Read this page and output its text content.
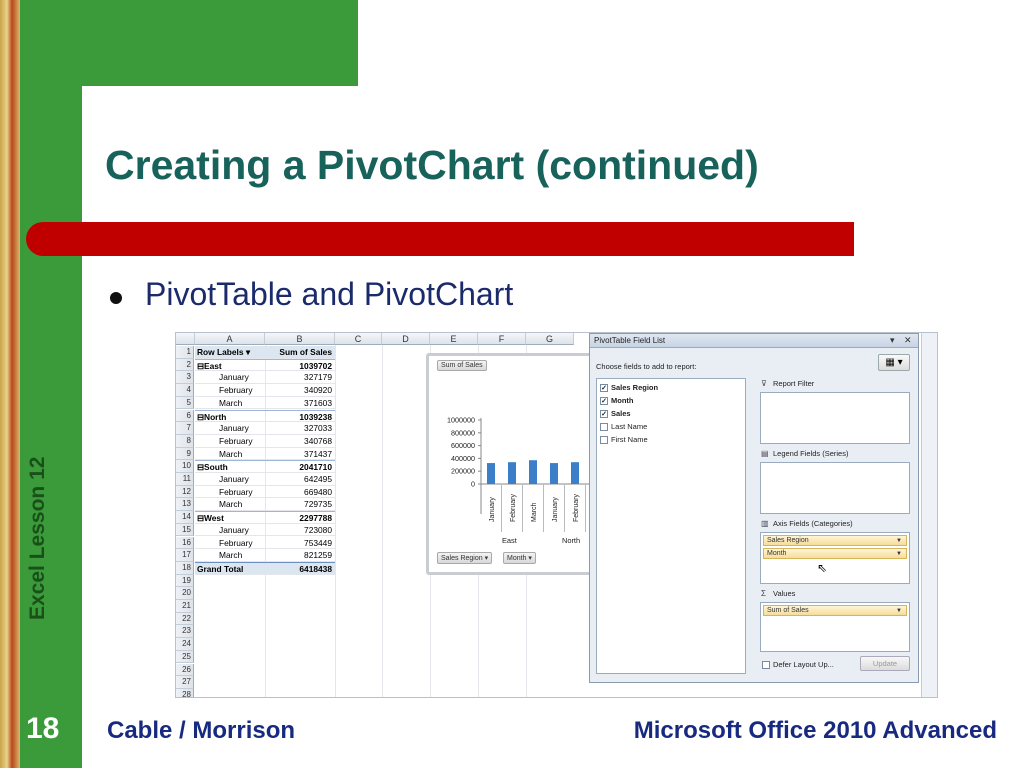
Creating a PivotChart (continued)
PivotTable and PivotChart
A	B	C	D	E	F	G
1
2
3
4
5
6
7
8
9
10
11
12
13
14
15
16
17
18
19
20
21
22
23
24
25
26
27
28
Row Labels ▾	Sum of Sales
⊟East	1039702
January	327179
February	340920
March	371603
⊟North	1039238
January	327033
February	340768
March	371437
⊟South	2041710
January	642495
February	669480
March	729735
⊟West	2297788
January	723080
February	753449
March	821259
Grand Total	6418438
Sum of Sales
1000000
800000
600000
400000
200000
0
January February March January February
East	North
Sales Region ▾	Month ▾
PivotTable Field List	▾ ✕
Choose fields to add to report:	▦ ▾
✓ Sales Region
✓ Month
✓ Sales
Last Name
First Name
⊽ Report Filter
▤ Legend Fields (Series)
▥ Axis Fields (Categories)
Sales Region	▼
Month	▼
⇖
Σ Values
Sum of Sales	▼
Defer Layout Up...	Update
18 Cable / Morrison	Microsoft Office 2010 Advanced
